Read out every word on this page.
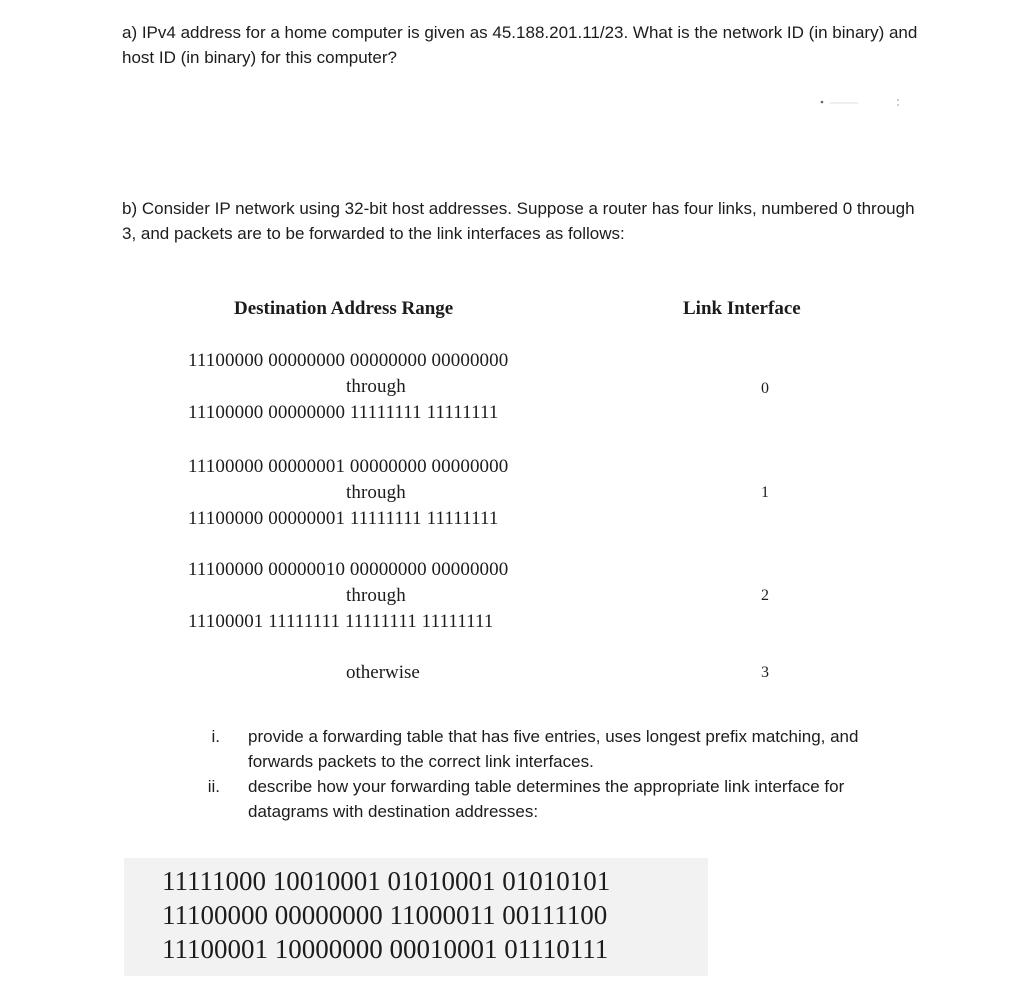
a) IPv4 address for a home computer is given as 45.188.201.11/23. What is the network ID (in binary) and host ID (in binary) for this computer?

b) Consider IP network using 32-bit host addresses. Suppose a router has four links, numbered 0 through 3, and packets are to be forwarded to the link interfaces as follows:

Destination Address Range	Link Interface
11100000 00000000 00000000 00000000
through
11100000 00000000 11111111 11111111
0
11100000 00000001 00000000 00000000
through
11100000 00000001 11111111 11111111
1
11100000 00000010 00000000 00000000
through
11100001 11111111 11111111 11111111
2
otherwise	3
i. provide a forwarding table that has five entries, uses longest prefix matching, and forwards packets to the correct link interfaces.
ii. describe how your forwarding table determines the appropriate link interface for datagrams with destination addresses:
11111000 10010001 01010001 01010101
11100000 00000000 11000011 00111100
11100001 10000000 00010001 01110111
